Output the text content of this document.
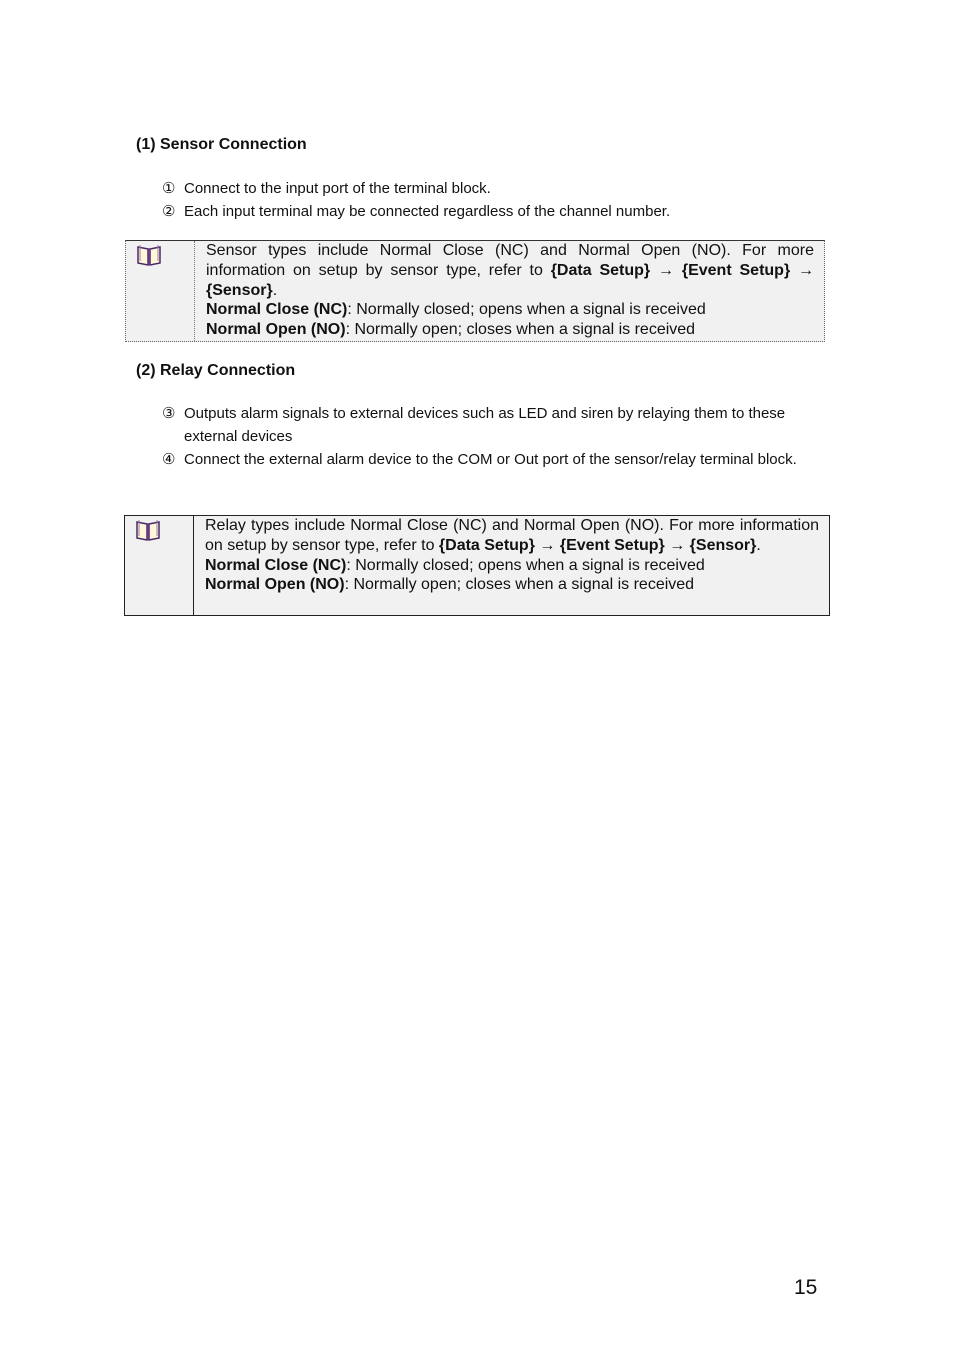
(1) Sensor Connection
① Connect to the input port of the terminal block.
② Each input terminal may be connected regardless of the channel number.
Sensor types include Normal Close (NC) and Normal Open (NO). For more information on setup by sensor type, refer to {Data Setup} → {Event Setup} → {Sensor}.
Normal Close (NC): Normally closed; opens when a signal is received
Normal Open (NO): Normally open; closes when a signal is received
(2) Relay Connection
③ Outputs alarm signals to external devices such as LED and siren by relaying them to these external devices
④ Connect the external alarm device to the COM or Out port of the sensor/relay terminal block.
Relay types include Normal Close (NC) and Normal Open (NO). For more information on setup by sensor type, refer to {Data Setup} → {Event Setup} → {Sensor}.
Normal Close (NC): Normally closed; opens when a signal is received
Normal Open (NO): Normally open; closes when a signal is received
15
